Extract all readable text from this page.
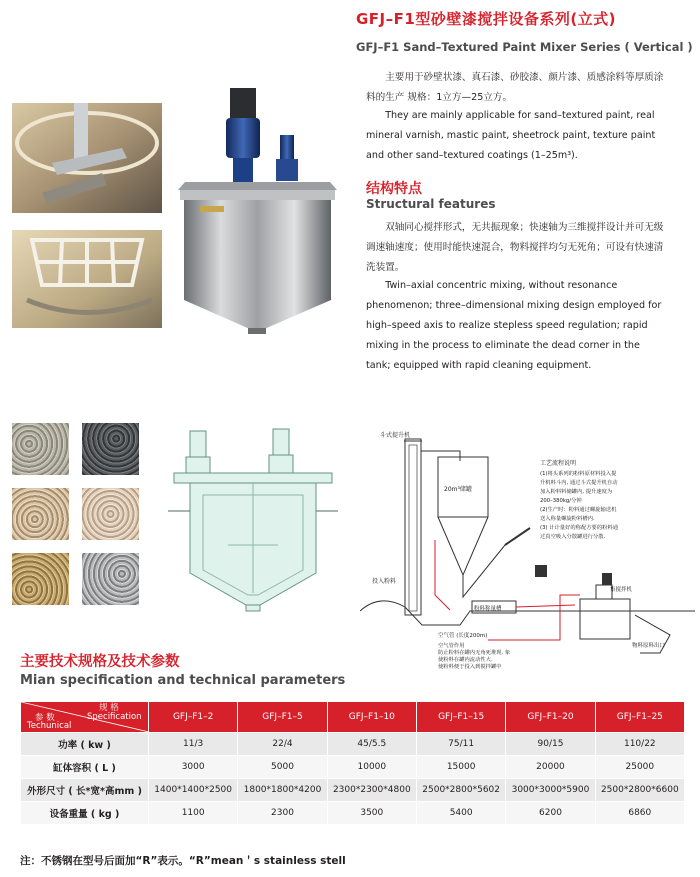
GFJ–F1型砂壁漆搅拌设备系列(立式)
GFJ–F1 Sand–Textured Paint Mixer Series ( Vertical )
主要用于砂壁状漆、真石漆、砂胶漆、颜片漆、质感涂料等厚质涂料的生产 规格：1立方—25立方。
They are mainly applicable for sand–textured paint, real mineral varnish, mastic paint, sheetrock paint, texture paint and other sand–textured coatings (1–25m³).
结构特点
Structural features
双轴同心搅拌形式，无共振现象；快速轴为三维搅拌设计并可无级调速轴速度；使用时能快速混合，物料搅拌均匀无死角；可设有快速清洗装置。
Twin–axial concentric mixing, without resonance phenomenon; three–dimensional mixing design employed for high–speed axis to realize stepless speed regulation; rapid mixing in the process to eliminate the dead corner in the tank; equipped with rapid cleaning equipment.
斗式提升机
20m³储罐
投入粉料
粉料称量槽
空气管 (长度200m)
集搅拌机
物料原料出口
工艺流程说明
(1)将头系列的粉料原材料投入提
升机料斗内, 通过斗式提升机自动
加入粉料料储罐内, 提升速度为
200–380kg/分钟
(2)生产时：粉料通过螺旋输送机
送入称量螺旋粉料槽内.
(3) 计计量好的称配方要的粉料通
过真空吸入分散罐进行分散.
空气管作用
防止粉料在罐内无角死堆现. 象
使粉料在罐内流动性大.
使粉料便于投入到搅拌罐中
主要技术规格及技术参数
Mian specification and technical parameters
规 格
Specification
参 数
Techunical	GFJ–F1–2	GFJ–F1–5	GFJ–F1–10	GFJ–F1–15	GFJ–F1–20	GFJ–F1–25
功率 ( kw )	11/3	22/4	45/5.5	75/11	90/15	110/22
缸体容积 ( L )	3000	5000	10000	15000	20000	25000
外形尺寸 ( 长*宽*高mm )	1400*1400*2500	1800*1800*4200	2300*2300*4800	2500*2800*5602	3000*3000*5900	2500*2800*6600
设备重量 ( kg )	1100	2300	3500	5400	6200	6860
注：不锈钢在型号后面加“R”表示。“R”mean＇s stainless stell
